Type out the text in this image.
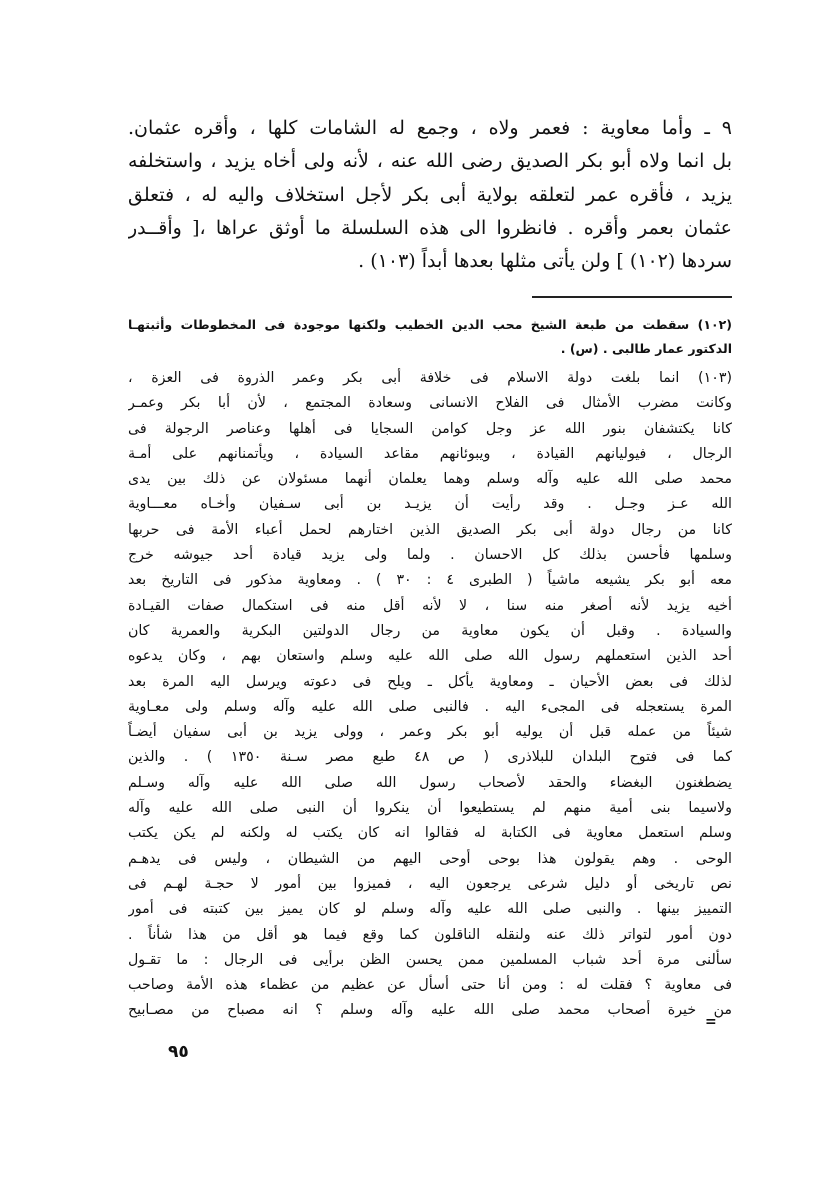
٩ ـ وأما معاوية : فعمر ولاه ، وجمع له الشامات كلها ، وأقره عثمان.
بل انما ولاه أبو بكر الصديق رضى الله عنه ، لأنه ولى أخاه يزيد ، واستخلفه
يزيد ، فأقره عمر لتعلقه بولاية أبى بكر لأجل استخلاف واليه له ، فتعلق
عثمان بعمر وأقره . فانظروا الى هذه السلسلة ما أوثق عراها ،[ وأقــدر
سردها (١٠٢) ] ولن يأتى مثلها بعدها أبداً (١٠٣) .
(١٠٢) سقطت من طبعة الشيخ محب الدين الخطيب ولكنها موجودة فى المخطوطات وأثبتهـا
الدكتور عمار طالبى . (س) .
(١٠٣) انما بلغت دولة الاسلام فى خلافة أبى بكر وعمر الذروة فى العزة ،
وكانت مضرب الأمثال فى الفلاح الانسانى وسعادة المجتمع ، لأن أبا بكر وعمـر
كانا يكتشفان بنور الله عز وجل كوامن السجايا فى أهلها وعناصر الرجولة فى
الرجال ، فيوليانهم القيادة ، ويبوئانهم مقاعد السيادة ، ويأتمنانهم على أمـة
محمد صلى الله عليه وآله وسلم وهما يعلمان أنهما مسئولان عن ذلك بين يدى
الله عـز وجـل . وقد رأيت أن يزيـد بن أبى سـفيان وأخـاه معـــاوية
كانا من رجال دولة أبى بكر الصديق الذين اختارهم لحمل أعباء الأمة فى حربها
وسلمها فأحسن بذلك كل الاحسان . ولما ولى يزيد قيادة أحد جيوشه خرج
معه أبو بكر يشيعه ماشياً ( الطبرى ٤ : ٣٠ ) . ومعاوية مذكور فى التاريخ بعد
أخيه يزيد لأنه أصغر منه سنا ، لا لأنه أقل منه فى استكمال صفات القيـادة
والسيادة . وقبل أن يكون معاوية من رجال الدولتين البكرية والعمرية كان
أحد الذين استعملهم رسول الله صلى الله عليه وسلم واستعان بهم ، وكان يدعوه
لذلك فى بعض الأحيان ـ ومعاوية يأكل ـ ويلح فى دعوته ويرسل اليه المرة بعد
المرة يستعجله فى المجىء اليه . فالنبى صلى الله عليه وآله وسلم ولى معـاوية
شيئاً من عمله قبل أن يوليه أبو بكر وعمر ، وولى يزيد بن أبى سفيان أيضـاً
كما فى فتوح البلدان للبلاذرى ( ص ٤٨ طبع مصر سـنة ١٣٥٠ ) . والذين
يضطغنون البغضاء والحقد لأصحاب رسول الله صلى الله عليه وآله وسـلم
ولاسيما بنى أمية منهم لم يستطيعوا أن ينكروا أن النبى صلى الله عليه وآله
وسلم استعمل معاوية فى الكتابة له فقالوا انه كان يكتب له ولكنه لم يكن يكتب
الوحى . وهم يقولون هذا بوحى أوحى اليهم من الشيطان ، وليس فى يدهـم
نص تاريخى أو دليل شرعى يرجعون اليه ، فميزوا بين أمور لا حجـة لهـم فى
التمييز بينها . والنبى صلى الله عليه وآله وسلم لو كان يميز بين كتبته فى أمور
دون أمور لتواتر ذلك عنه ولنقله الناقلون كما وقع فيما هو أقل من هذا شأناً .
سألنى مرة أحد شباب المسلمين ممن يحسن الظن برأيى فى الرجال : ما تقـول
فى معاوية ؟ فقلت له : ومن أنا حتى أسأل عن عظيم من عظماء هذه الأمة وصاحب
من خيرة أصحاب محمد صلى الله عليه وآله وسلم ؟ انه مصباح من مصـابيح
=
٩٥
